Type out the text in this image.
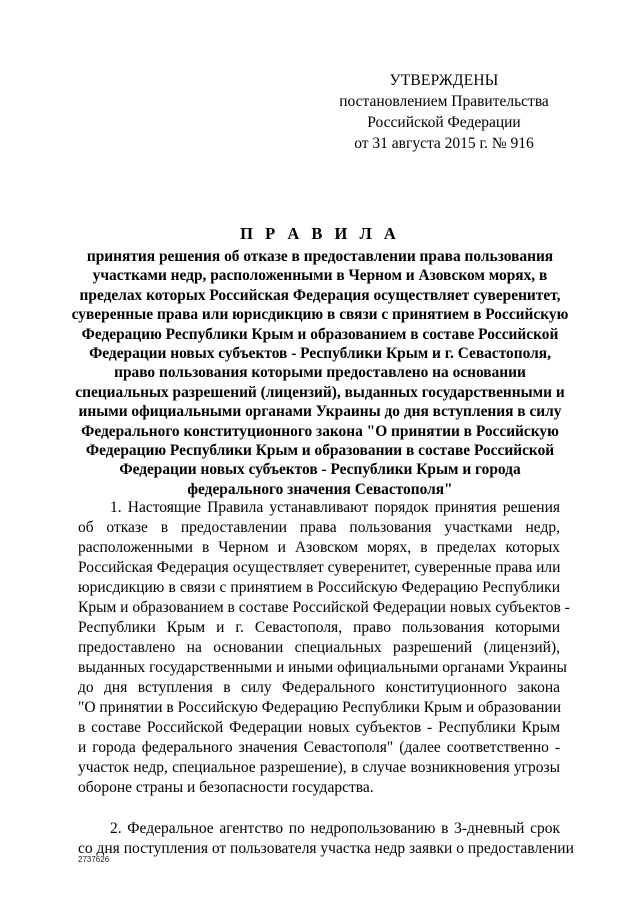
УТВЕРЖДЕНЫ
постановлением Правительства
Российской Федерации
от 31 августа 2015 г. № 916
П Р А В И Л А
принятия решения об отказе в предоставлении права пользования
участками недр, расположенными в Черном и Азовском морях, в
пределах которых Российская Федерация осуществляет суверенитет,
суверенные права или юрисдикцию в связи с принятием в Российскую
Федерацию Республики Крым и образованием в составе Российской
Федерации новых субъектов - Республики Крым и г. Севастополя,
право пользования которыми предоставлено на основании
специальных разрешений (лицензий), выданных государственными и
иными официальными органами Украины до дня вступления в силу
Федерального конституционного закона "О принятии в Российскую
Федерацию Республики Крым и образовании в составе Российской
Федерации новых субъектов - Республики Крым и города
федерального значения Севастополя"
1. Настоящие Правила устанавливают порядок принятия решения
об отказе в предоставлении права пользования участками недр,
расположенными в Черном и Азовском морях, в пределах которых
Российская Федерация осуществляет суверенитет, суверенные права или
юрисдикцию в связи с принятием в Российскую Федерацию Республики
Крым и образованием в составе Российской Федерации новых субъектов -
Республики Крым и г. Севастополя, право пользования которыми
предоставлено на основании специальных разрешений (лицензий),
выданных государственными и иными официальными органами Украины
до дня вступления в силу Федерального конституционного закона
"О принятии в Российскую Федерацию Республики Крым и образовании
в составе Российской Федерации новых субъектов - Республики Крым
и города федерального значения Севастополя" (далее соответственно -
участок недр, специальное разрешение), в случае возникновения угрозы
обороне страны и безопасности государства.
2. Федеральное агентство по недропользованию в 3-дневный срок
со дня поступления от пользователя участка недр заявки о предоставлении
2737626
